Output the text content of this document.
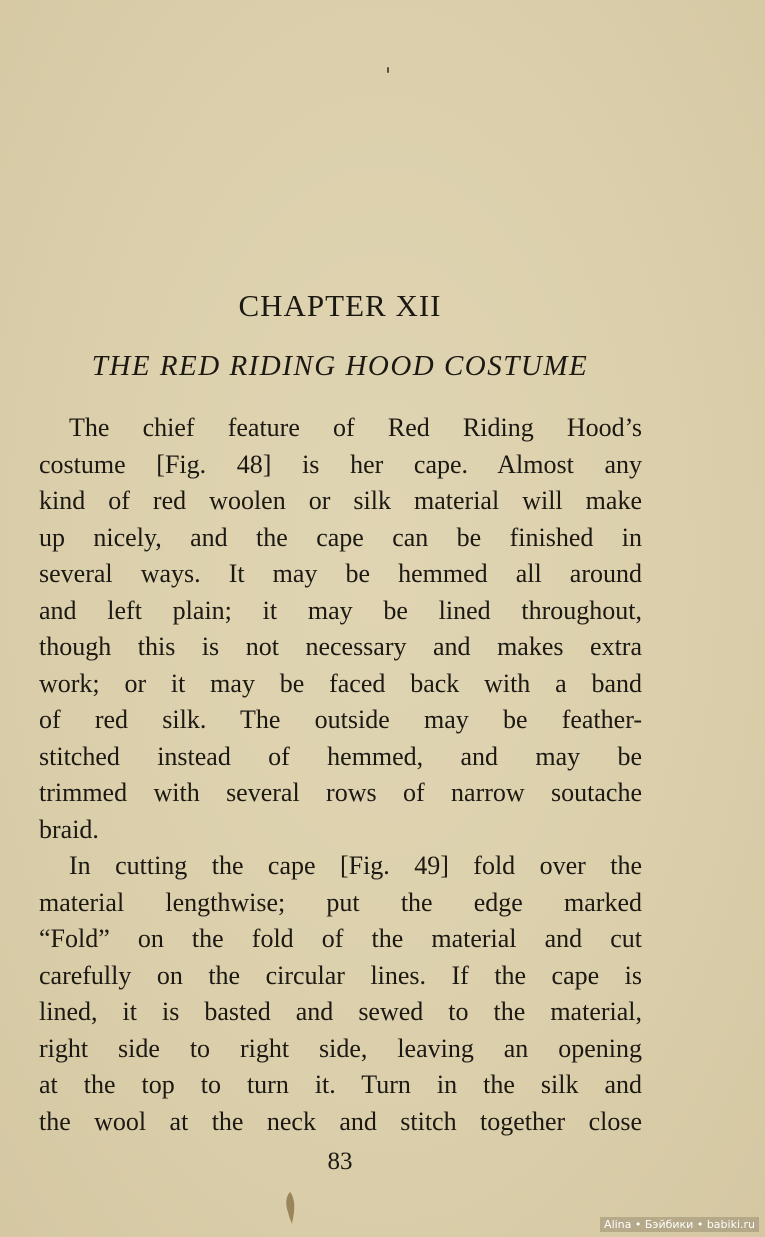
CHAPTER XII
THE RED RIDING HOOD COSTUME
The chief feature of Red Riding Hood’s
costume [Fig. 48] is her cape. Almost any
kind of red woolen or silk material will make
up nicely, and the cape can be finished in
several ways. It may be hemmed all around
and left plain; it may be lined throughout,
though this is not necessary and makes extra
work; or it may be faced back with a band
of red silk. The outside may be feather-
stitched instead of hemmed, and may be
trimmed with several rows of narrow soutache
braid.
In cutting the cape [Fig. 49] fold over the
material lengthwise; put the edge marked
“Fold” on the fold of the material and cut
carefully on the circular lines. If the cape is
lined, it is basted and sewed to the material,
right side to right side, leaving an opening
at the top to turn it. Turn in the silk and
the wool at the neck and stitch together close
83
Alina • Бэйбики • babiki.ru
